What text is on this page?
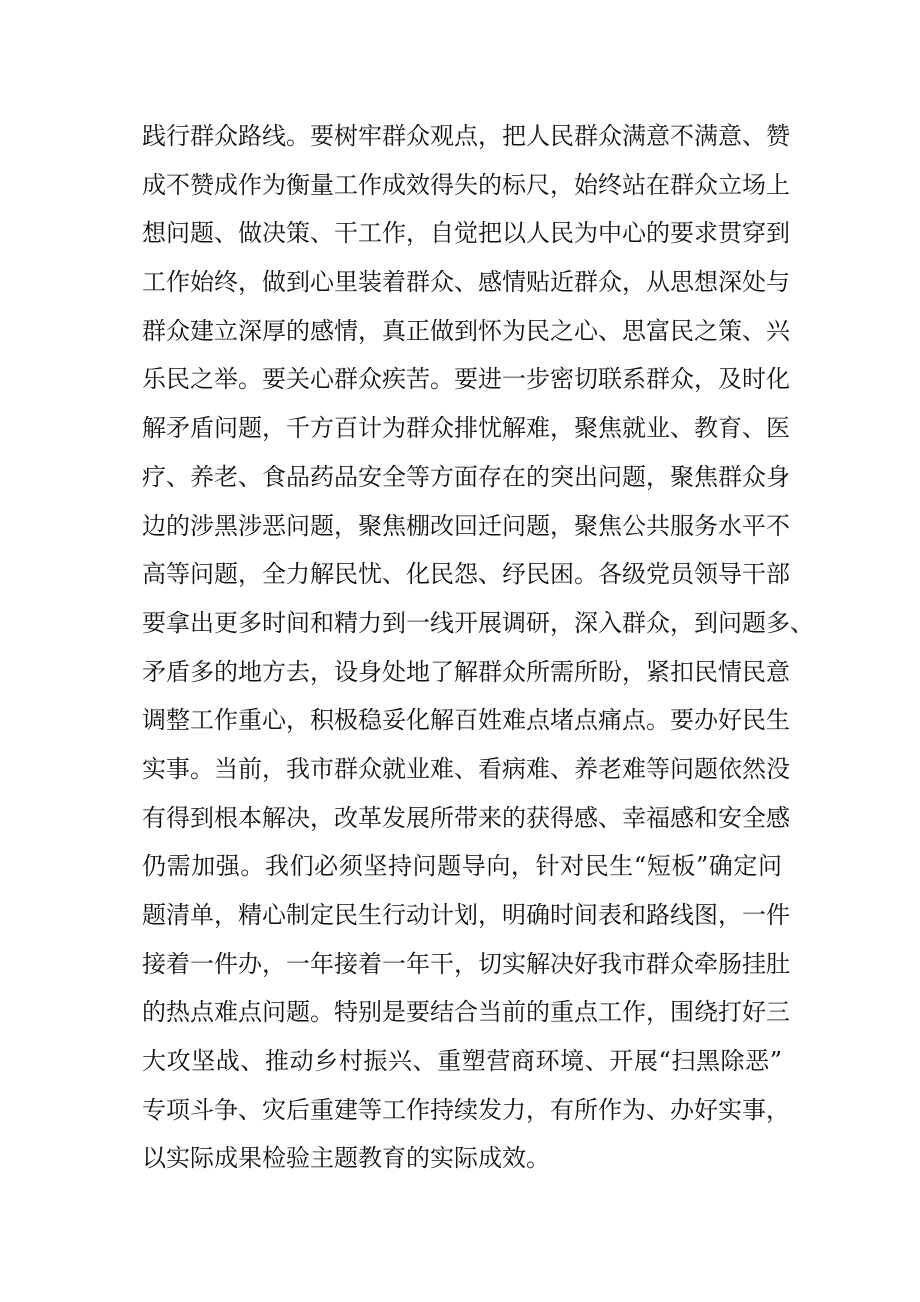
践行群众路线。要树牢群众观点，把人民群众满意不满意、赞
成不赞成作为衡量工作成效得失的标尺，始终站在群众立场上
想问题、做决策、干工作，自觉把以人民为中心的要求贯穿到
工作始终，做到心里装着群众、感情贴近群众，从思想深处与
群众建立深厚的感情，真正做到怀为民之心、思富民之策、兴
乐民之举。要关心群众疾苦。要进一步密切联系群众，及时化
解矛盾问题，千方百计为群众排忧解难，聚焦就业、教育、医
疗、养老、食品药品安全等方面存在的突出问题，聚焦群众身
边的涉黑涉恶问题，聚焦棚改回迁问题，聚焦公共服务水平不
高等问题，全力解民忧、化民怨、纾民困。各级党员领导干部
要拿出更多时间和精力到一线开展调研，深入群众，到问题多、
矛盾多的地方去，设身处地了解群众所需所盼，紧扣民情民意
调整工作重心，积极稳妥化解百姓难点堵点痛点。要办好民生
实事。当前，我市群众就业难、看病难、养老难等问题依然没
有得到根本解决，改革发展所带来的获得感、幸福感和安全感
仍需加强。我们必须坚持问题导向，针对民生“短板”确定问
题清单，精心制定民生行动计划，明确时间表和路线图，一件
接着一件办，一年接着一年干，切实解决好我市群众牵肠挂肚
的热点难点问题。特别是要结合当前的重点工作，围绕打好三
大攻坚战、推动乡村振兴、重塑营商环境、开展“扫黑除恶”
专项斗争、灾后重建等工作持续发力，有所作为、办好实事，
以实际成果检验主题教育的实际成效。
